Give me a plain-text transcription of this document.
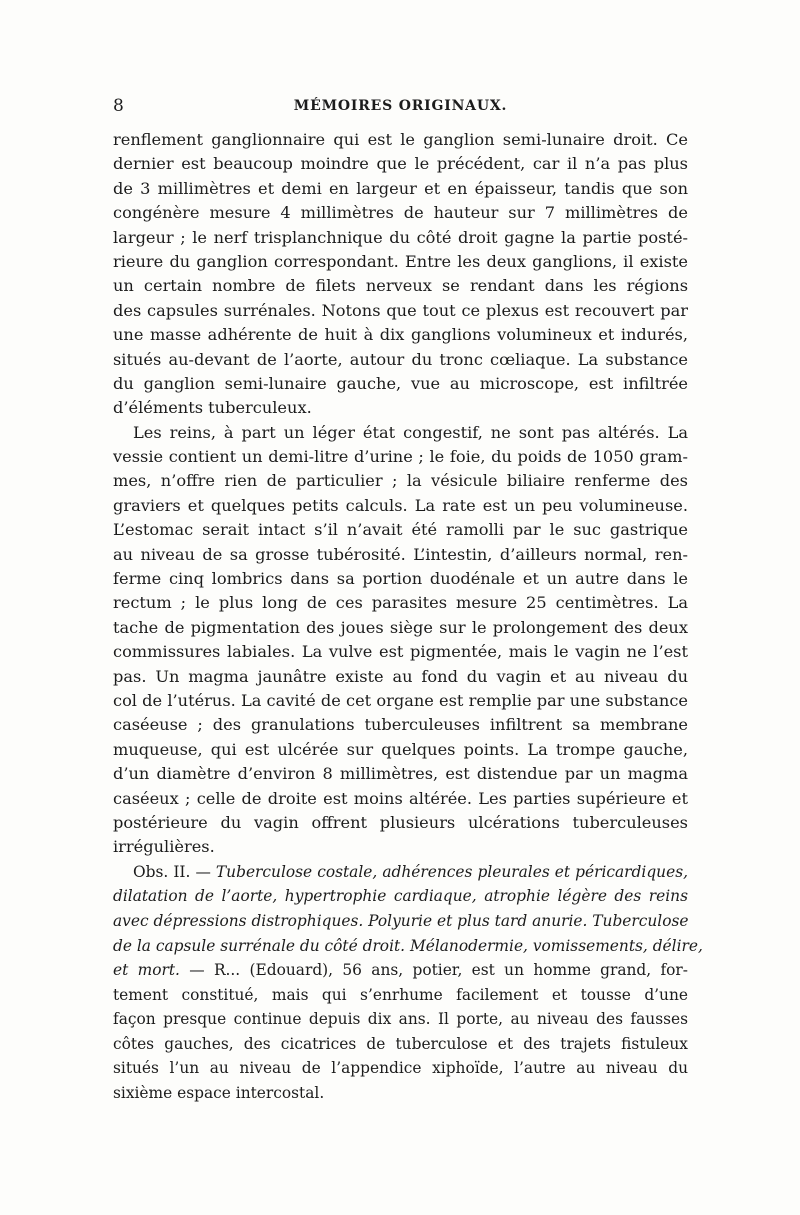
8	MÉMOIRES ORIGINAUX.
renflement ganglionnaire qui est le ganglion semi-lunaire droit. Ce
dernier est beaucoup moindre que le précédent, car il n’a pas plus
de 3 millimètres et demi en largeur et en épaisseur, tandis que son
congénère mesure 4 millimètres de hauteur sur 7 millimètres de
largeur ; le nerf trisplanchnique du côté droit gagne la partie posté-
rieure du ganglion correspondant. Entre les deux ganglions, il existe
un certain nombre de filets nerveux se rendant dans les régions
des capsules surrénales. Notons que tout ce plexus est recouvert par
une masse adhérente de huit à dix ganglions volumineux et indurés,
situés au-devant de l’aorte, autour du tronc cœliaque. La substance
du ganglion semi-lunaire gauche, vue au microscope, est infiltrée
d’éléments tuberculeux.
Les reins, à part un léger état congestif, ne sont pas altérés. La
vessie contient un demi-litre d’urine ; le foie, du poids de 1050 gram-
mes, n’offre rien de particulier ; la vésicule biliaire renferme des
graviers et quelques petits calculs. La rate est un peu volumineuse.
L’estomac serait intact s’il n’avait été ramolli par le suc gastrique
au niveau de sa grosse tubérosité. L’intestin, d’ailleurs normal, ren-
ferme cinq lombrics dans sa portion duodénale et un autre dans le
rectum ; le plus long de ces parasites mesure 25 centimètres. La
tache de pigmentation des joues siège sur le prolongement des deux
commissures labiales. La vulve est pigmentée, mais le vagin ne l’est
pas. Un magma jaunâtre existe au fond du vagin et au niveau du
col de l’utérus. La cavité de cet organe est remplie par une substance
caséeuse ; des granulations tuberculeuses infiltrent sa membrane
muqueuse, qui est ulcérée sur quelques points. La trompe gauche,
d’un diamètre d’environ 8 millimètres, est distendue par un magma
caséeux ; celle de droite est moins altérée. Les parties supérieure et
postérieure du vagin offrent plusieurs ulcérations tuberculeuses
irrégulières.
Obs. II. — Tuberculose costale, adhérences pleurales et péricardiques,
dilatation de l’aorte, hypertrophie cardiaque, atrophie légère des reins
avec dépressions distrophiques. Polyurie et plus tard anurie. Tuberculose
de la capsule surrénale du côté droit. Mélanodermie, vomissements, délire,
et mort. — R... (Edouard), 56 ans, potier, est un homme grand, for-
tement constitué, mais qui s’enrhume facilement et tousse d’une
façon presque continue depuis dix ans. Il porte, au niveau des fausses
côtes gauches, des cicatrices de tuberculose et des trajets fistuleux
situés l’un au niveau de l’appendice xiphoïde, l’autre au niveau du
sixième espace intercostal.
